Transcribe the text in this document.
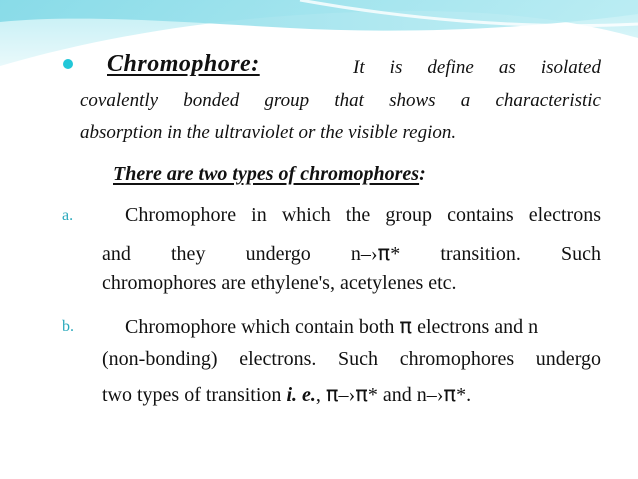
Chromophore:	It is define as isolated
covalently bonded group that shows a characteristic
absorption in the ultraviolet or the visible region.
There are two types of chromophores:
a.	Chromophore in which the group contains electrons
and they undergo n–›π* transition. Such
chromophores are ethylene's, acetylenes etc.
b.	Chromophore which contain both π electrons and n
(non-bonding) electrons. Such chromophores undergo
two types of transition i. e., π–›π* and n–›π*.
